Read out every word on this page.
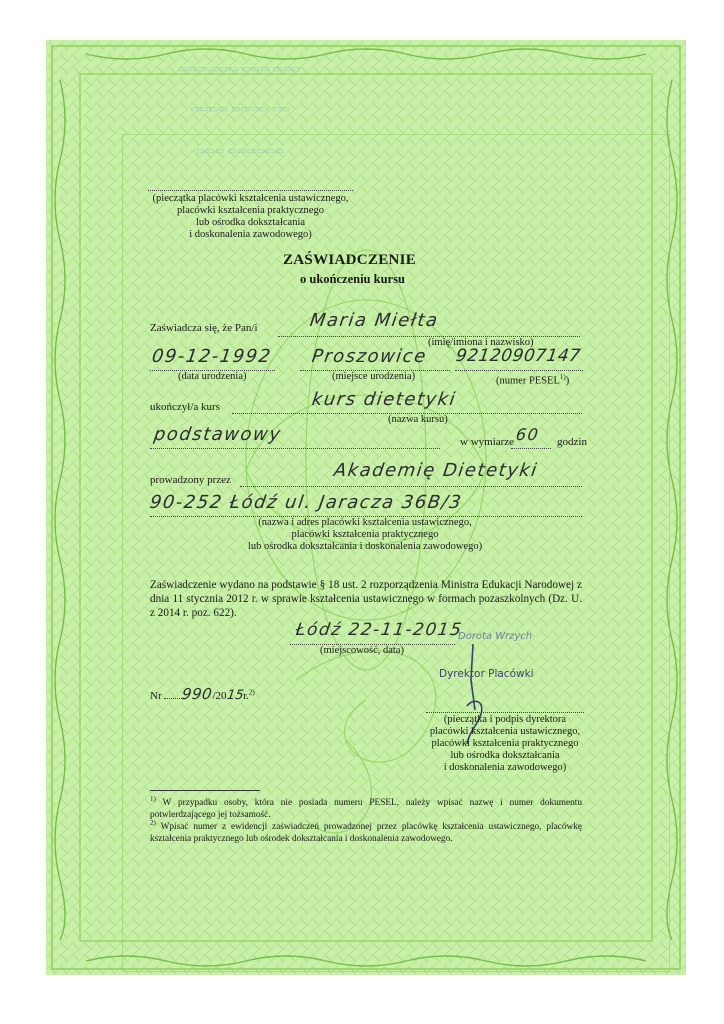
▭▭▭ ▭▭▭ ▭▭▭ ▭▭▭
▭▭▭▭ ▭▭▭▭ ▭▭
▭▭▭ ▭▭▭▭▭▭
(pieczątka placówki kształcenia ustawicznego,
placówki kształcenia praktycznego
lub ośrodka dokształcania
i doskonalenia zawodowego)
ZAŚWIADCZENIE
o ukończeniu kursu
Zaświadcza się, że Pan/i	Maria Miełta
(imię/imiona i nazwisko)
09-12-1992
(data urodzenia)
Proszowice
(miejsce urodzenia)
92120907147
(numer PESEL$^{1)}$)
ukończył/a kurs	kurs dietetyki
(nazwa kursu)
podstawowy	w wymiarze 60 godzin
prowadzony przez	Akademię Dietetyki
90-252 Łódź ul. Jaracza 36B/3
(nazwa i adres placówki kształcenia ustawicznego,
placówki kształcenia praktycznego
lub ośrodka dokształcania i doskonalenia zawodowego)
Zaświadczenie wydano na podstawie § 18 ust. 2 rozporządzenia Ministra Edukacji Narodowej z dnia 11 stycznia 2012 r. w sprawie kształcenia ustawicznego w formach pozaszkolnych (Dz. U. z 2014 r. poz. 622).
Łódź 22-11-2015
(miejscowość, data)
Dorota Wrzych
Dyrektor Placówki
Nr 990/2015r.$^{2)}$
(pieczątka i podpis dyrektora
placówki kształcenia ustawicznego,
placówki kształcenia praktycznego
lub ośrodka dokształcania
i doskonalenia zawodowego)
$^{1)}$ W przypadku osoby, która nie posiada numeru PESEL, należy wpisać nazwę i numer dokumentu potwierdzającego jej tożsamość.
$^{2)}$ Wpisać numer z ewidencji zaświadczeń prowadzonej przez placówkę kształcenia ustawicznego, placówkę kształcenia praktycznego lub ośrodek dokształcania i doskonalenia zawodowego.
